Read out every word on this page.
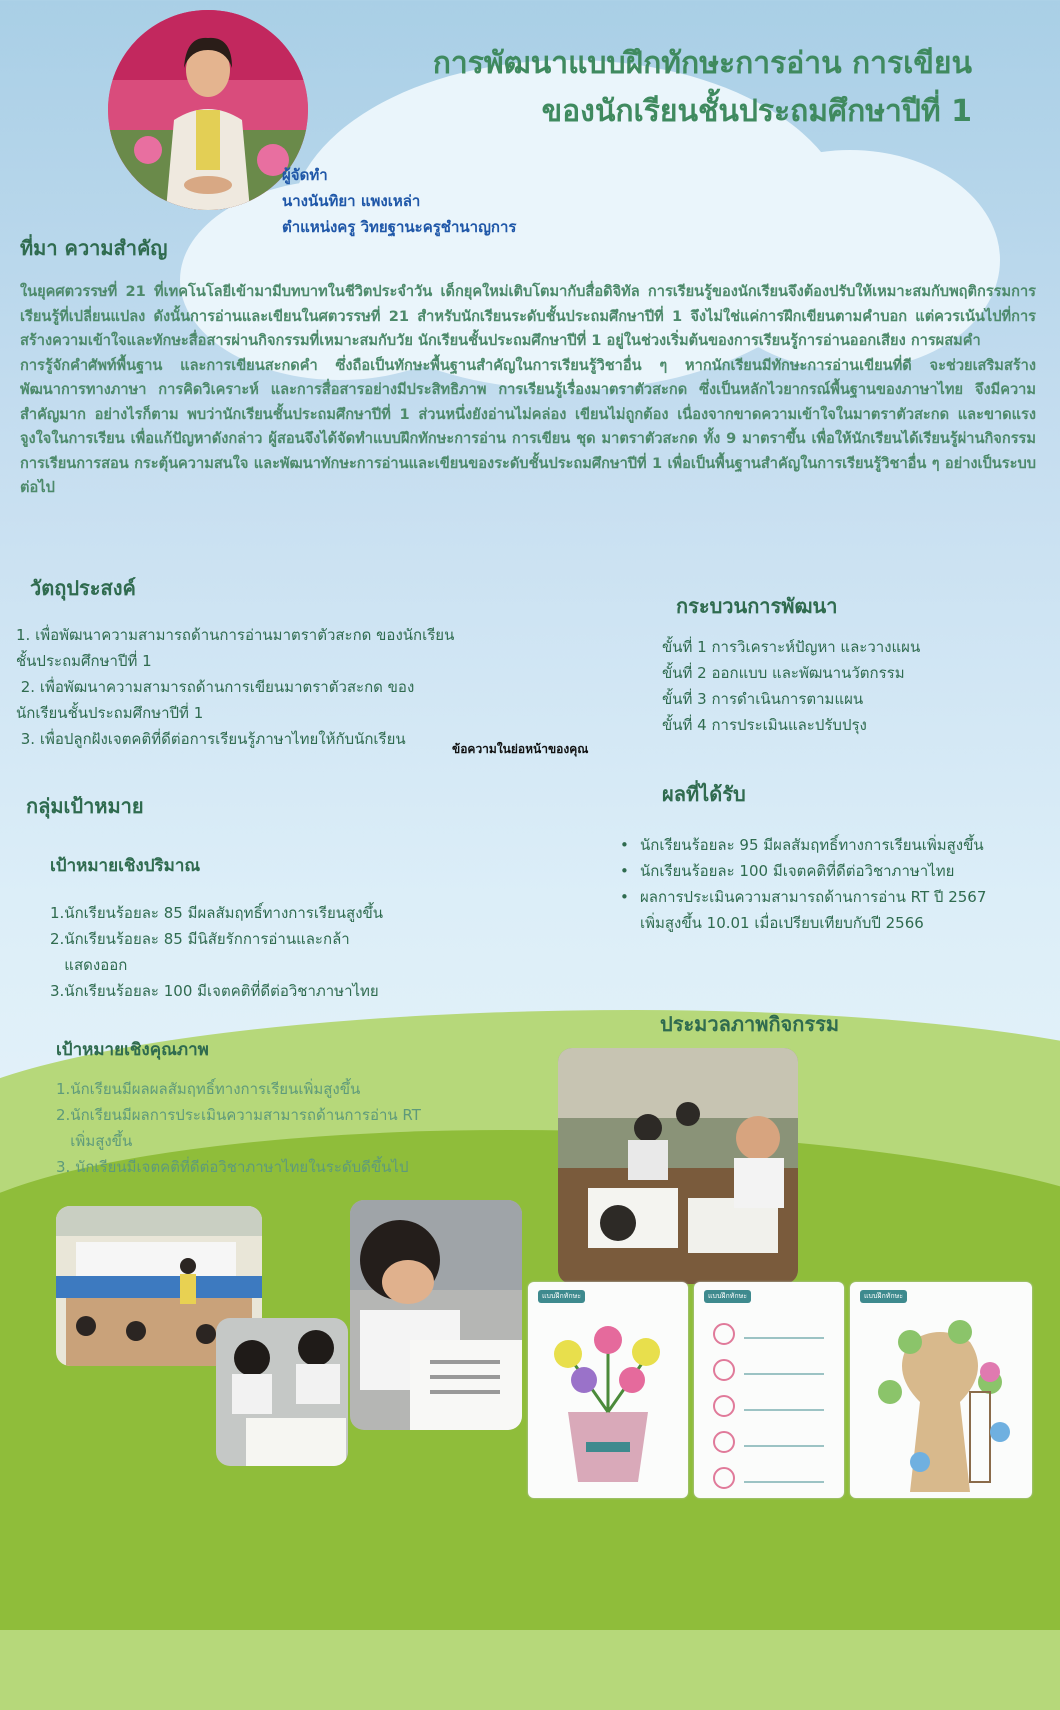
การพัฒนาแบบฝึกทักษะการอ่าน การเขียน
ของนักเรียนชั้นประถมศึกษาปีที่ 1
ผู้จัดทำ
นางนันทิยา แพงเหล่า
ตำแหน่งครู วิทยฐานะครูชำนาญการ
ที่มา ความสำคัญ

ในยุคศตวรรษที่ 21 ที่เทคโนโลยีเข้ามามีบทบาทในชีวิตประจำวัน เด็กยุคใหม่เติบโตมากับสื่อดิจิทัล การเรียนรู้ของนักเรียนจึงต้องปรับให้เหมาะสมกับพฤติกรรมการเรียนรู้ที่เปลี่ยนแปลง ดังนั้นการอ่านและเขียนในศตวรรษที่ 21 สำหรับนักเรียนระดับชั้นประถมศึกษาปีที่ 1 จึงไม่ใช่แค่การฝึกเขียนตามคำบอก แต่ควรเน้นไปที่การสร้างความเข้าใจและทักษะสื่อสารผ่านกิจกรรมที่เหมาะสมกับวัย นักเรียนชั้นประถมศึกษาปีที่ 1 อยู่ในช่วงเริ่มต้นของการเรียนรู้การอ่านออกเสียง การผสมคำ

การรู้จักคำศัพท์พื้นฐาน และการเขียนสะกดคำ ซึ่งถือเป็นทักษะพื้นฐานสำคัญในการเรียนรู้วิชาอื่น ๆ หากนักเรียนมีทักษะการอ่านเขียนที่ดี จะช่วยเสริมสร้างพัฒนาการทางภาษา การคิดวิเคราะห์ และการสื่อสารอย่างมีประสิทธิภาพ การเรียนรู้เรื่องมาตราตัวสะกด ซึ่งเป็นหลักไวยากรณ์พื้นฐานของภาษาไทย จึงมีความสำคัญมาก อย่างไรก็ตาม พบว่านักเรียนชั้นประถมศึกษาปีที่ 1 ส่วนหนึ่งยังอ่านไม่คล่อง เขียนไม่ถูกต้อง เนื่องจากขาดความเข้าใจในมาตราตัวสะกด และขาดแรงจูงใจในการเรียน เพื่อแก้ปัญหาดังกล่าว ผู้สอนจึงได้จัดทำแบบฝึกทักษะการอ่าน การเขียน ชุด มาตราตัวสะกด ทั้ง 9 มาตราขึ้น เพื่อให้นักเรียนได้เรียนรู้ผ่านกิจกรรมการเรียนการสอน กระตุ้นความสนใจ และพัฒนาทักษะการอ่านและเขียนของระดับชั้นประถมศึกษาปีที่ 1 เพื่อเป็นพื้นฐานสำคัญในการเรียนรู้วิชาอื่น ๆ อย่างเป็นระบบต่อไป

วัตถุประสงค์
1. เพื่อพัฒนาความสามารถด้านการอ่านมาตราตัวสะกด ของนักเรียน
ชั้นประถมศึกษาปีที่ 1
2. เพื่อพัฒนาความสามารถด้านการเขียนมาตราตัวสะกด ของ
นักเรียนชั้นประถมศึกษาปีที่ 1
3. เพื่อปลูกฝังเจตคติที่ดีต่อการเรียนรู้ภาษาไทยให้กับนักเรียน
ข้อความในย่อหน้าของคุณ
กระบวนการพัฒนา
ขั้นที่ 1 การวิเคราะห์ปัญหา และวางแผน
ขั้นที่ 2 ออกแบบ และพัฒนานวัตกรรม
ขั้นที่ 3 การดำเนินการตามแผน
ขั้นที่ 4 การประเมินและปรับปรุง
กลุ่มเป้าหมาย
เป้าหมายเชิงปริมาณ
1.นักเรียนร้อยละ 85 มีผลสัมฤทธิ์ทางการเรียนสูงขึ้น
2.นักเรียนร้อยละ 85 มีนิสัยรักการอ่านและกล้า
แสดงออก
3.นักเรียนร้อยละ 100 มีเจตคติที่ดีต่อวิชาภาษาไทย
เป้าหมายเชิงคุณภาพ
1.นักเรียนมีผลผลสัมฤทธิ์ทางการเรียนเพิ่มสูงขึ้น
2.นักเรียนมีผลการประเมินความสามารถด้านการอ่าน RT
เพิ่มสูงขึ้น
3. นักเรียนมีเจตคติที่ดีต่อวิชาภาษาไทยในระดับดีขึ้นไป
ผลที่ได้รับ
• นักเรียนร้อยละ 95 มีผลสัมฤทธิ์ทางการเรียนเพิ่มสูงขึ้น
• นักเรียนร้อยละ 100 มีเจตคติที่ดีต่อวิชาภาษาไทย
• ผลการประเมินความสามารถด้านการอ่าน RT ปี 2567
เพิ่มสูงขึ้น 10.01 เมื่อเปรียบเทียบกับปี 2566
ประมวลภาพกิจกรรม
แบบฝึกทักษะ	แบบฝึกทักษะ	แบบฝึกทักษะ
